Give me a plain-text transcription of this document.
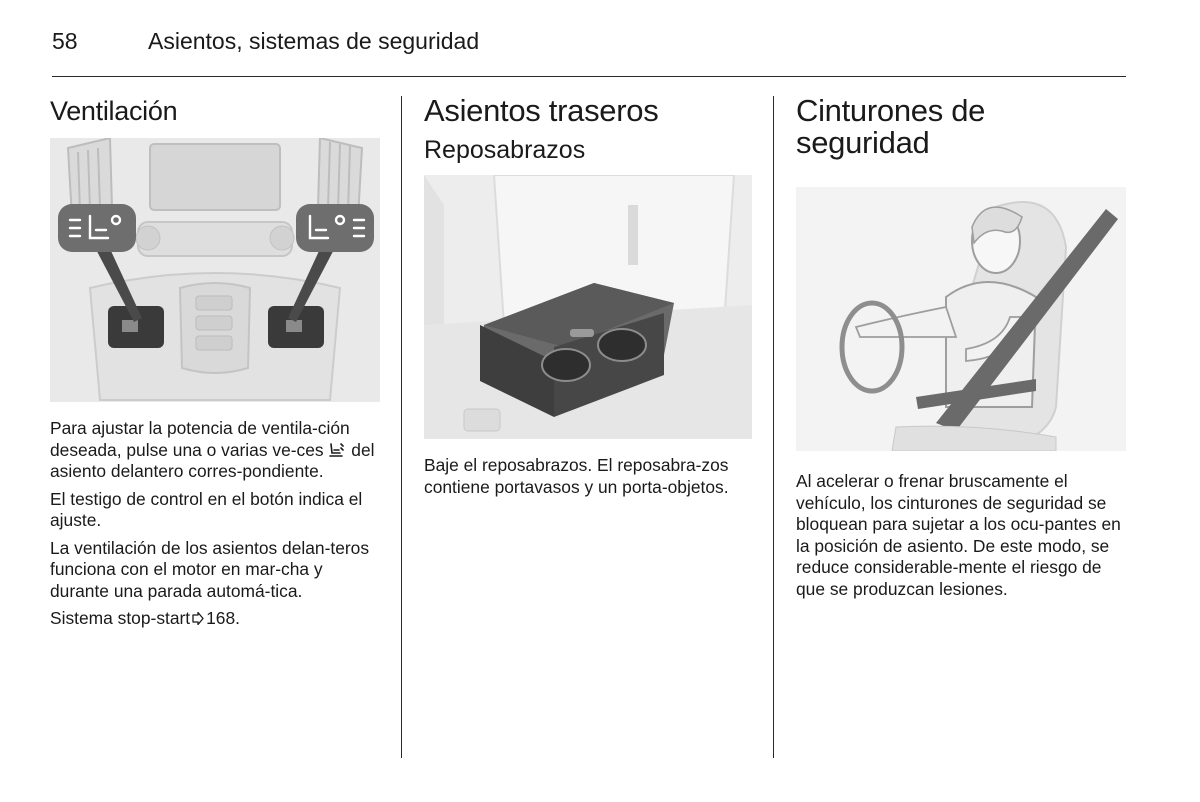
58	Asientos, sistemas de seguridad
Ventilación

Para ajustar la potencia de ventila-ción deseada, pulse una o varias ve-ces del asiento delantero corres-pondiente.

El testigo de control en el botón indica el ajuste.

La ventilación de los asientos delan-teros funciona con el motor en mar-cha y durante una parada automá-tica.

Sistema stop-start 168.

Asientos traseros
Reposabrazos

Baje el reposabrazos. El reposabra-zos contiene portavasos y un porta-objetos.

Cinturones de
seguridad

Al acelerar o frenar bruscamente el vehículo, los cinturones de seguridad se bloquean para sujetar a los ocu-pantes en la posición de asiento. De este modo, se reduce considerable-mente el riesgo de que se produzcan lesiones.
